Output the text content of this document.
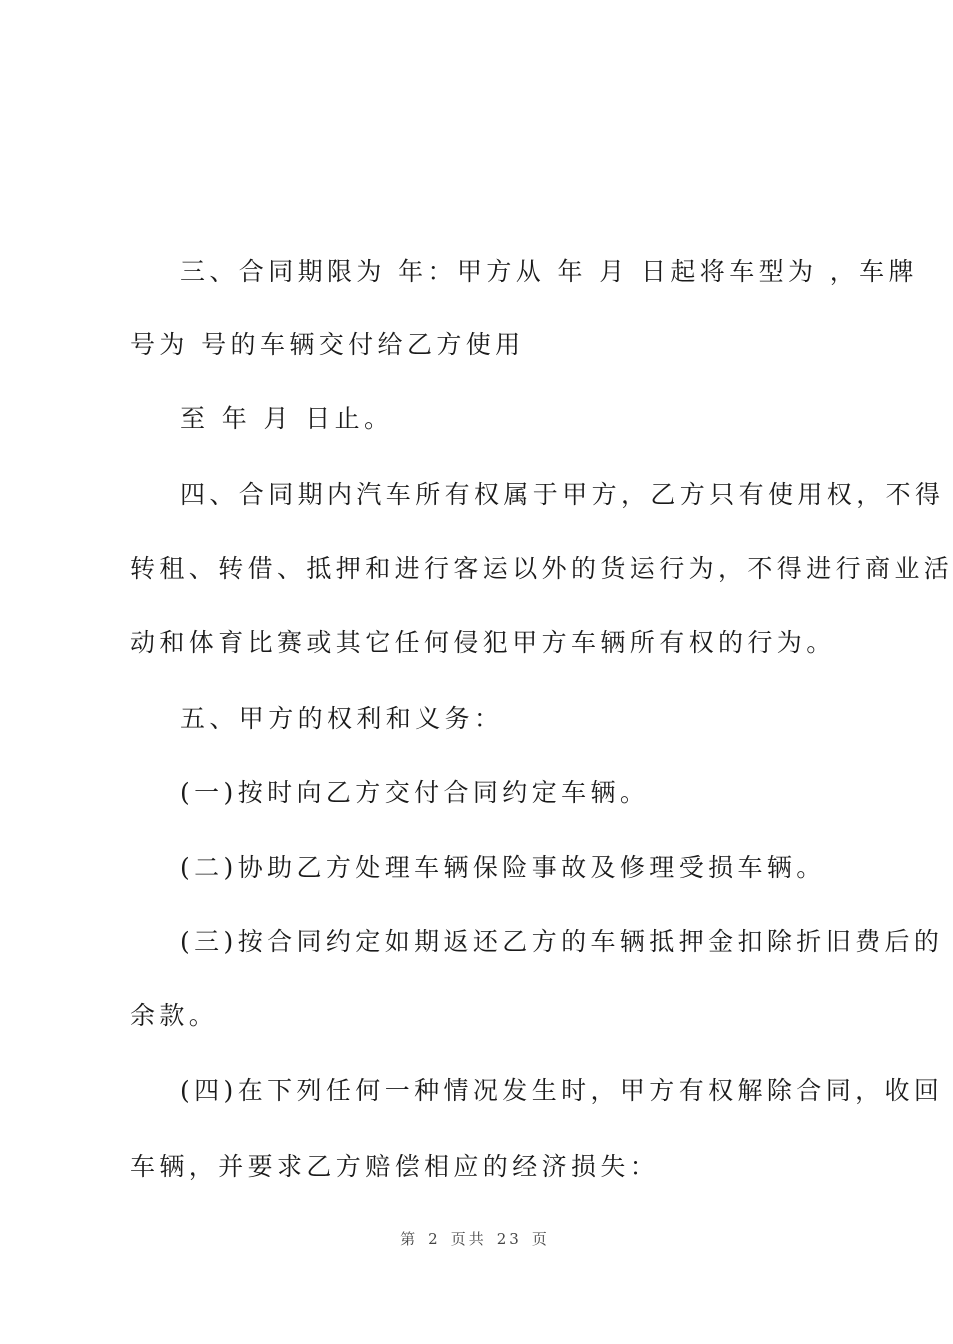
三、合同期限为 年：甲方从 年 月 日起将车型为 ，车牌
号为 号的车辆交付给乙方使用
至 年 月 日止。
四、合同期内汽车所有权属于甲方，乙方只有使用权，不得
转租、转借、抵押和进行客运以外的货运行为，不得进行商业活
动和体育比赛或其它任何侵犯甲方车辆所有权的行为。
五、甲方的权利和义务：
(一)按时向乙方交付合同约定车辆。
(二)协助乙方处理车辆保险事故及修理受损车辆。
(三)按合同约定如期返还乙方的车辆抵押金扣除折旧费后的
余款。
(四)在下列任何一种情况发生时，甲方有权解除合同，收回
车辆，并要求乙方赔偿相应的经济损失：
第 2 页共 23 页
